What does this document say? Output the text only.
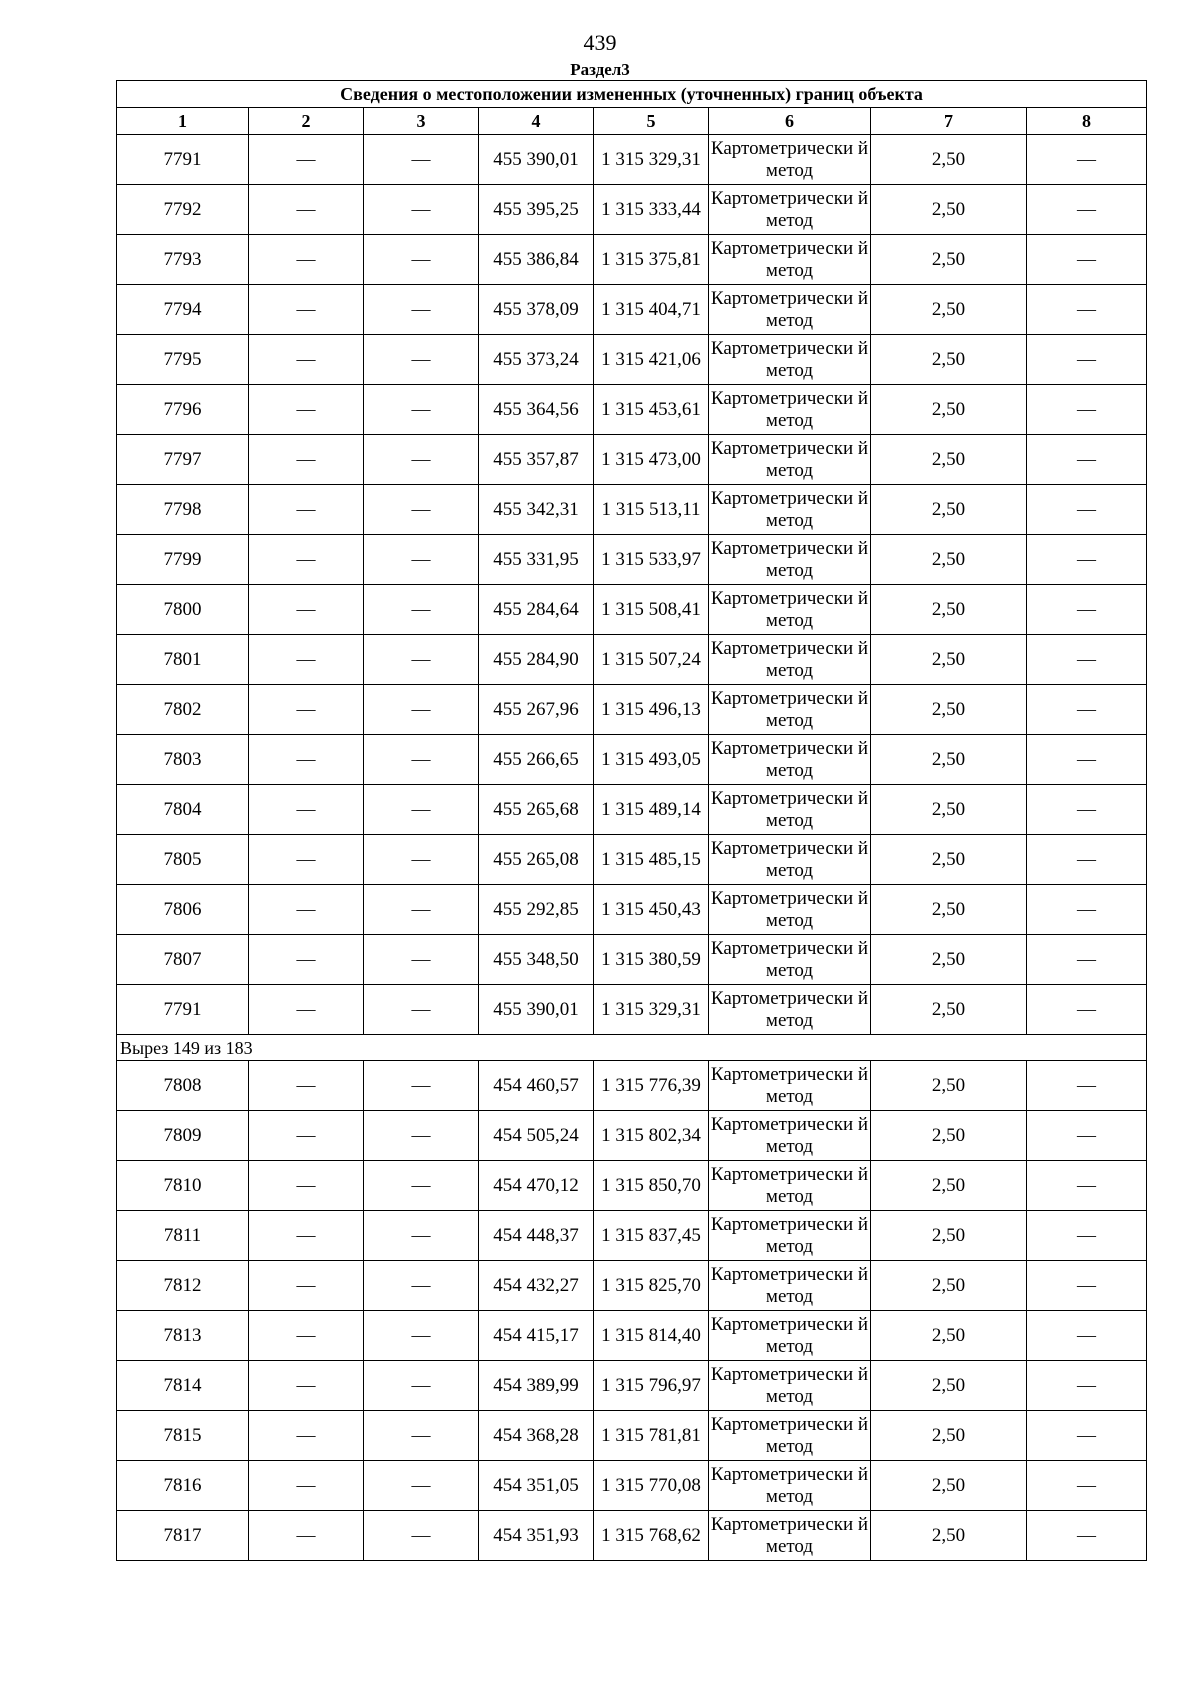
439
Раздел3
Сведения о местоположении измененных (уточненных) границ объекта							
1	2	3	4	5	6	7	8
7791	—	—	455 390,01	1 315 329,31	Картометрически й метод	2,50	—
7792	—	—	455 395,25	1 315 333,44	Картометрически й метод	2,50	—
7793	—	—	455 386,84	1 315 375,81	Картометрически й метод	2,50	—
7794	—	—	455 378,09	1 315 404,71	Картометрически й метод	2,50	—
7795	—	—	455 373,24	1 315 421,06	Картометрически й метод	2,50	—
7796	—	—	455 364,56	1 315 453,61	Картометрически й метод	2,50	—
7797	—	—	455 357,87	1 315 473,00	Картометрически й метод	2,50	—
7798	—	—	455 342,31	1 315 513,11	Картометрически й метод	2,50	—
7799	—	—	455 331,95	1 315 533,97	Картометрически й метод	2,50	—
7800	—	—	455 284,64	1 315 508,41	Картометрически й метод	2,50	—
7801	—	—	455 284,90	1 315 507,24	Картометрически й метод	2,50	—
7802	—	—	455 267,96	1 315 496,13	Картометрически й метод	2,50	—
7803	—	—	455 266,65	1 315 493,05	Картометрически й метод	2,50	—
7804	—	—	455 265,68	1 315 489,14	Картометрически й метод	2,50	—
7805	—	—	455 265,08	1 315 485,15	Картометрически й метод	2,50	—
7806	—	—	455 292,85	1 315 450,43	Картометрически й метод	2,50	—
7807	—	—	455 348,50	1 315 380,59	Картометрически й метод	2,50	—
7791	—	—	455 390,01	1 315 329,31	Картометрически й метод	2,50	—
Вырез 149 из 183							
7808	—	—	454 460,57	1 315 776,39	Картометрически й метод	2,50	—
7809	—	—	454 505,24	1 315 802,34	Картометрически й метод	2,50	—
7810	—	—	454 470,12	1 315 850,70	Картометрически й метод	2,50	—
7811	—	—	454 448,37	1 315 837,45	Картометрически й метод	2,50	—
7812	—	—	454 432,27	1 315 825,70	Картометрически й метод	2,50	—
7813	—	—	454 415,17	1 315 814,40	Картометрически й метод	2,50	—
7814	—	—	454 389,99	1 315 796,97	Картометрически й метод	2,50	—
7815	—	—	454 368,28	1 315 781,81	Картометрически й метод	2,50	—
7816	—	—	454 351,05	1 315 770,08	Картометрически й метод	2,50	—
7817	—	—	454 351,93	1 315 768,62	Картометрически й метод	2,50	—
